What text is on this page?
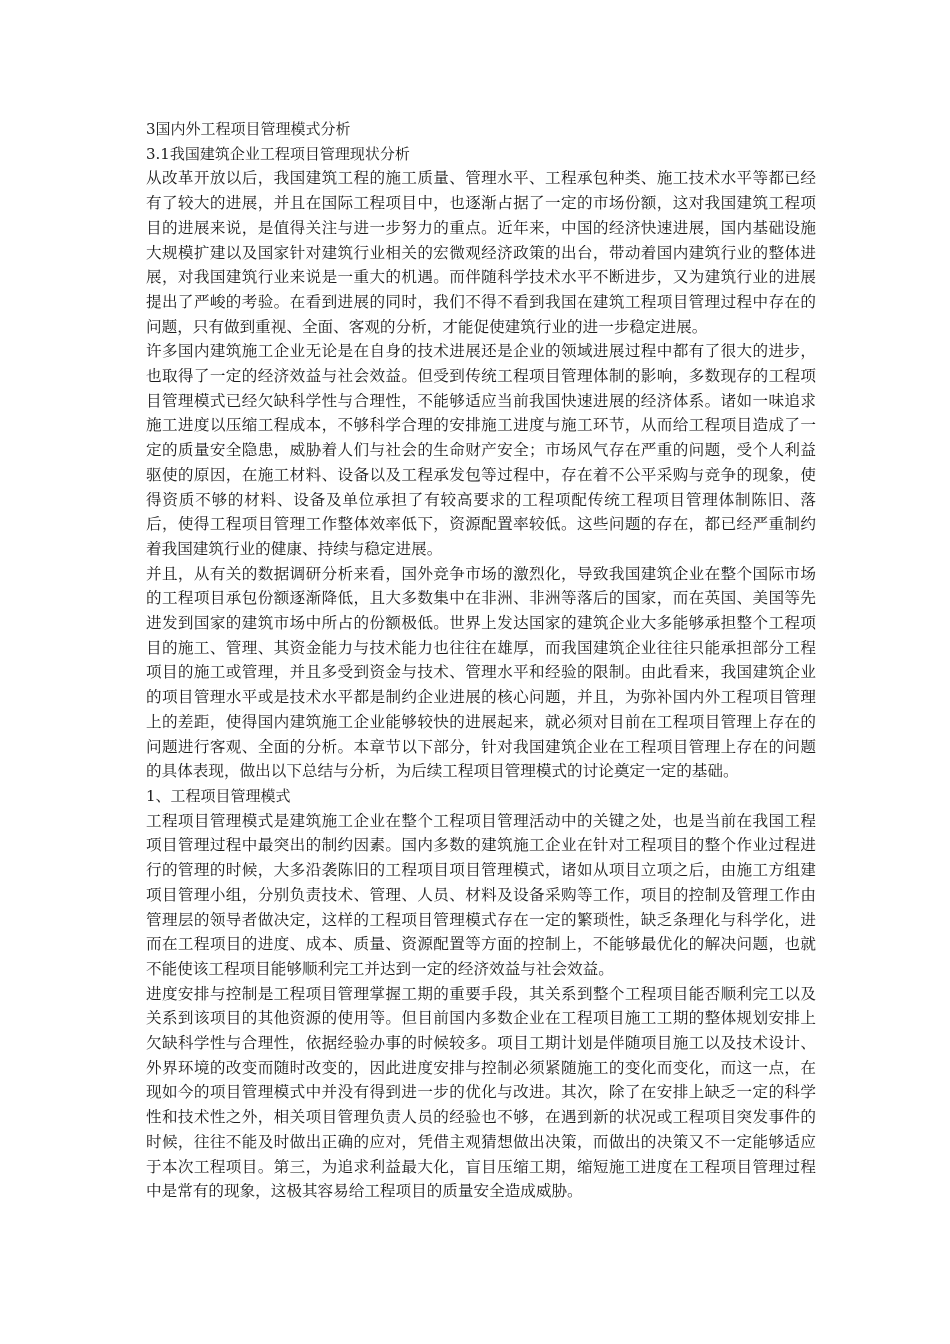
3国内外工程项目管理模式分析

3.1我国建筑企业工程项目管理现状分析

从改革开放以后，我国建筑工程的施工质量、管理水平、工程承包种类、施工技术水平等都已经有了较大的进展，并且在国际工程项目中，也逐渐占据了一定的市场份额，这对我国建筑工程项目的进展来说，是值得关注与进一步努力的重点。近年来，中国的经济快速进展，国内基础设施大规模扩建以及国家针对建筑行业相关的宏微观经济政策的出台，带动着国内建筑行业的整体进展，对我国建筑行业来说是一重大的机遇。而伴随科学技术水平不断进步，又为建筑行业的进展提出了严峻的考验。在看到进展的同时，我们不得不看到我国在建筑工程项目管理过程中存在的问题，只有做到重视、全面、客观的分析，才能促使建筑行业的进一步稳定进展。

许多国内建筑施工企业无论是在自身的技术进展还是企业的领域进展过程中都有了很大的进步，也取得了一定的经济效益与社会效益。但受到传统工程项目管理体制的影响，多数现存的工程项目管理模式已经欠缺科学性与合理性，不能够适应当前我国快速进展的经济体系。诸如一味追求施工进度以压缩工程成本，不够科学合理的安排施工进度与施工环节，从而给工程项目造成了一定的质量安全隐患，威胁着人们与社会的生命财产安全；市场风气存在严重的问题，受个人利益驱使的原因，在施工材料、设备以及工程承发包等过程中，存在着不公平采购与竞争的现象，使得资质不够的材料、设备及单位承担了有较高要求的工程项配传统工程项目管理体制陈旧、落后，使得工程项目管理工作整体效率低下，资源配置率较低。这些问题的存在，都已经严重制约着我国建筑行业的健康、持续与稳定进展。

并且，从有关的数据调研分析来看，国外竞争市场的激烈化，导致我国建筑企业在整个国际市场的工程项目承包份额逐渐降低，且大多数集中在非洲、非洲等落后的国家，而在英国、美国等先进发到国家的建筑市场中所占的份额极低。世界上发达国家的建筑企业大多能够承担整个工程项目的施工、管理、其资金能力与技术能力也往往在雄厚，而我国建筑企业往往只能承担部分工程项目的施工或管理，并且多受到资金与技术、管理水平和经验的限制。由此看来，我国建筑企业的项目管理水平或是技术水平都是制约企业进展的核心问题，并且，为弥补国内外工程项目管理上的差距，使得国内建筑施工企业能够较快的进展起来，就必须对目前在工程项目管理上存在的问题进行客观、全面的分析。本章节以下部分，针对我国建筑企业在工程项目管理上存在的问题的具体表现，做出以下总结与分析，为后续工程项目管理模式的讨论奠定一定的基础。

1、工程项目管理模式

工程项目管理模式是建筑施工企业在整个工程项目管理活动中的关键之处，也是当前在我国工程项目管理过程中最突出的制约因素。国内多数的建筑施工企业在针对工程项目的整个作业过程进行的管理的时候，大多沿袭陈旧的工程项目项目管理模式，诸如从项目立项之后，由施工方组建项目管理小组，分别负责技术、管理、人员、材料及设备采购等工作，项目的控制及管理工作由管理层的领导者做决定，这样的工程项目管理模式存在一定的繁琐性，缺乏条理化与科学化，进而在工程项目的进度、成本、质量、资源配置等方面的控制上，不能够最优化的解决问题，也就不能使该工程项目能够顺利完工并达到一定的经济效益与社会效益。

进度安排与控制是工程项目管理掌握工期的重要手段，其关系到整个工程项目能否顺利完工以及关系到该项目的其他资源的使用等。但目前国内多数企业在工程项目施工工期的整体规划安排上欠缺科学性与合理性，依据经验办事的时候较多。项目工期计划是伴随项目施工以及技术设计、外界环境的改变而随时改变的，因此进度安排与控制必须紧随施工的变化而变化，而这一点，在现如今的项目管理模式中并没有得到进一步的优化与改进。其次，除了在安排上缺乏一定的科学性和技术性之外，相关项目管理负责人员的经验也不够，在遇到新的状况或工程项目突发事件的时候，往往不能及时做出正确的应对，凭借主观猜想做出决策，而做出的决策又不一定能够适应于本次工程项目。第三，为追求利益最大化，盲目压缩工期，缩短施工进度在工程项目管理过程中是常有的现象，这极其容易给工程项目的质量安全造成威胁。
